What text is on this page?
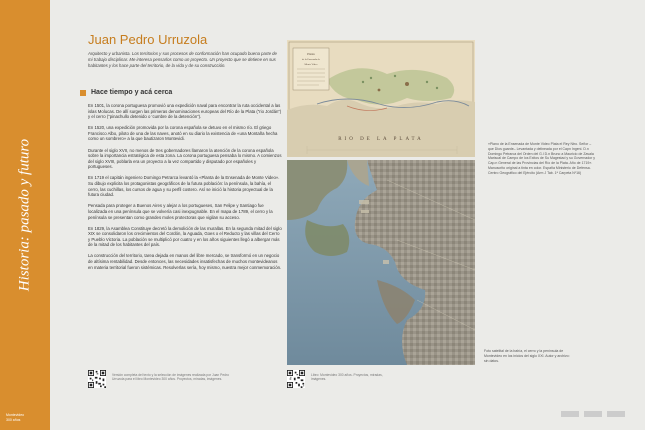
Historia: pasado y futuro
Montevideo
300 años
Juan Pedro Urruzola

Arquitecto y urbanista. Los territorios y sus procesos de conformación han ocupado buena parte de mi trabajo disciplinar. Me interesa pensarlos como un proyecto. Un proyecto que se detiene en sus habitantes y los hace parte del territorio, de la vida y de su construcción.

Hace tiempo y acá cerca

En 1501, la corona portuguesa promovió una expedición naval para encontrar la ruta occidental a las islas Molucas. De allí surgen las primeras denominaciones europeas del Río de la Plata (“rio Jordán”) y el cerro (“pinachullo detenido o ‘cumbre de la detención”).

En 1520, una expedición promovida por la corona española se detuvo en el mismo río. El griego Francisco Albo, piloto de una de las naves, anotó en su diario la existencia de «una Montaña hecha como un sombrero» a la que bautizaron Montevidi.

Durante el siglo XVII, no menos de tres gobernadores llamaron la atención de la corona española sobre la importancia estratégica de esta zona. La corona portuguesa pensaba lo mismo. A comienzos del siglo XVIII, poblarla era un proyecto a la vez compartido y disputado por españoles y portugueses.

En 1719 el capitán ingeniero Domingo Petrarca levantó la «Planta de la Ensenada de Monte Video». Su dibujo explicita los protagonistas geográficos de la futura población: la península, la bahía, el cerro, las cuchillas, los cursos de agua y su perfil costero. Así se inició la historia proyectual de la futura ciudad.

Pensada para proteger a Buenos Aires y alejar a los portugueses, San Felipe y Santiago fue localizada en una península que se volvería casi inexpugnable. En el mapa de 1789, el cerro y la península se presentan como grandes moles protectoras que vigilan su acceso.

En 1829, la Asamblea Constituye decretó la demolición de las murallas. En la segunda mitad del siglo XIX se consolidaron los crecimientos del Cordón, la Aguada, Goes o el Reducto y las villas del Cerro y Pueblo Victoria. La población se multiplicó por cuatro y en los años siguientes llegó a albergar más de la mitad de los habitantes del país.

La construcción del territorio, tarea dejada en manos del libre mercado, se transformó en un negocio de altísima rentabilidad. Desde entonces, las necesidades insatisfechas de muchos montevideanos en materia territorial fueron sistémicas. Resolverlas sería, hoy mismo, nuestra mejor conmemoración.

Planta
de la Ensenada de
Monte Video
RIO DE LA PLATA
«Plano de la Ensenada de Monte Video Plata el Rey Ntro. Señor –que Dios guarde– Levantada y delineada por el Capn Ingeni. D.n Domingo Petrarca del Orden del G.l D.n Bruno a Mauricio de Zavala Mariscal de Campo de los Exitos de Su Magestad y su Governador y Cap.n General de las Provincias del Río de la Plata. Año de 1719». Manuscrito original a tinta en color. España Ministerio de Defensa. Centro Geográfico del Ejército (Arm J Tab. 1ª Carpeta Nº16)
Foto satelital de la bahía, el cerro y la península de Montevideo en los inicios del siglo XXI. Autor y archivo: sin datos.
Versión completa del texto y la selección de imágenes realizada por Juan Pedro Urruzola para el libro Montevideo 300 años. Proyectos, miradas, imágenes.
Libro: Montevideo 300 años. Proyectos, miradas, imágenes.
